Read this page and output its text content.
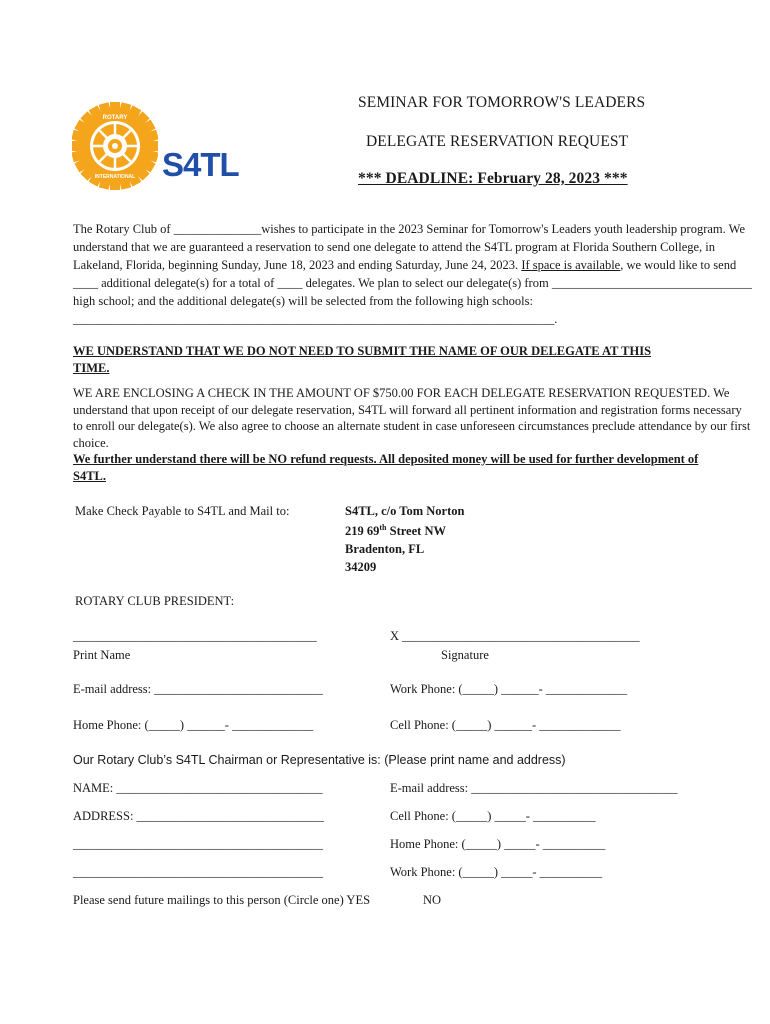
ROTARY
INTERNATIONAL S4TL
SEMINAR FOR TOMORROW'S LEADERS
DELEGATE RESERVATION REQUEST
*** DEADLINE: February 28, 2023 ***
The Rotary Club of ______________wishes to participate in the 2023 Seminar for Tomorrow's Leaders youth leadership program. We understand that we are guaranteed a reservation to send one delegate to attend the S4TL program at Florida Southern College, in Lakeland, Florida, beginning Sunday, June 18, 2023 and ending Saturday, June 24, 2023. If space is available, we would like to send ____ additional delegate(s) for a total of ____ delegates. We plan to select our delegate(s) from ________________________________ high school; and the additional delegate(s) will be selected from the following high schools: _____________________________________________________________________________.
WE UNDERSTAND THAT WE DO NOT NEED TO SUBMIT THE NAME OF OUR DELEGATE AT THIS TIME.
WE ARE ENCLOSING A CHECK IN THE AMOUNT OF $750.00 FOR EACH DELEGATE RESERVATION REQUESTED. We understand that upon receipt of our delegate reservation, S4TL will forward all pertinent information and registration forms necessary to enroll our delegate(s). We also agree to choose an alternate student in case unforeseen circumstances preclude attendance by our first choice.
We further understand there will be NO refund requests. All deposited money will be used for further development of S4TL.
Make Check Payable to S4TL and Mail to:	S4TL, c/o Tom Norton
219 69th Street NW
Bradenton, FL
34209
ROTARY CLUB PRESIDENT:
_______________________________________
Print Name
X ______________________________________
Signature
E-mail address: ___________________________	Work Phone: (_____) ______- _____________
Home Phone: (_____) ______- _____________	Cell Phone: (_____) ______- _____________
Our Rotary Club’s S4TL Chairman or Representative is: (Please print name and address)
NAME: _________________________________	E-mail address: _________________________________
ADDRESS: ______________________________	Cell Phone: (_____) _____- __________
________________________________________	Home Phone: (_____) _____- __________
________________________________________	Work Phone: (_____) _____- __________
Please send future mailings to this person (Circle one) YES	NO
